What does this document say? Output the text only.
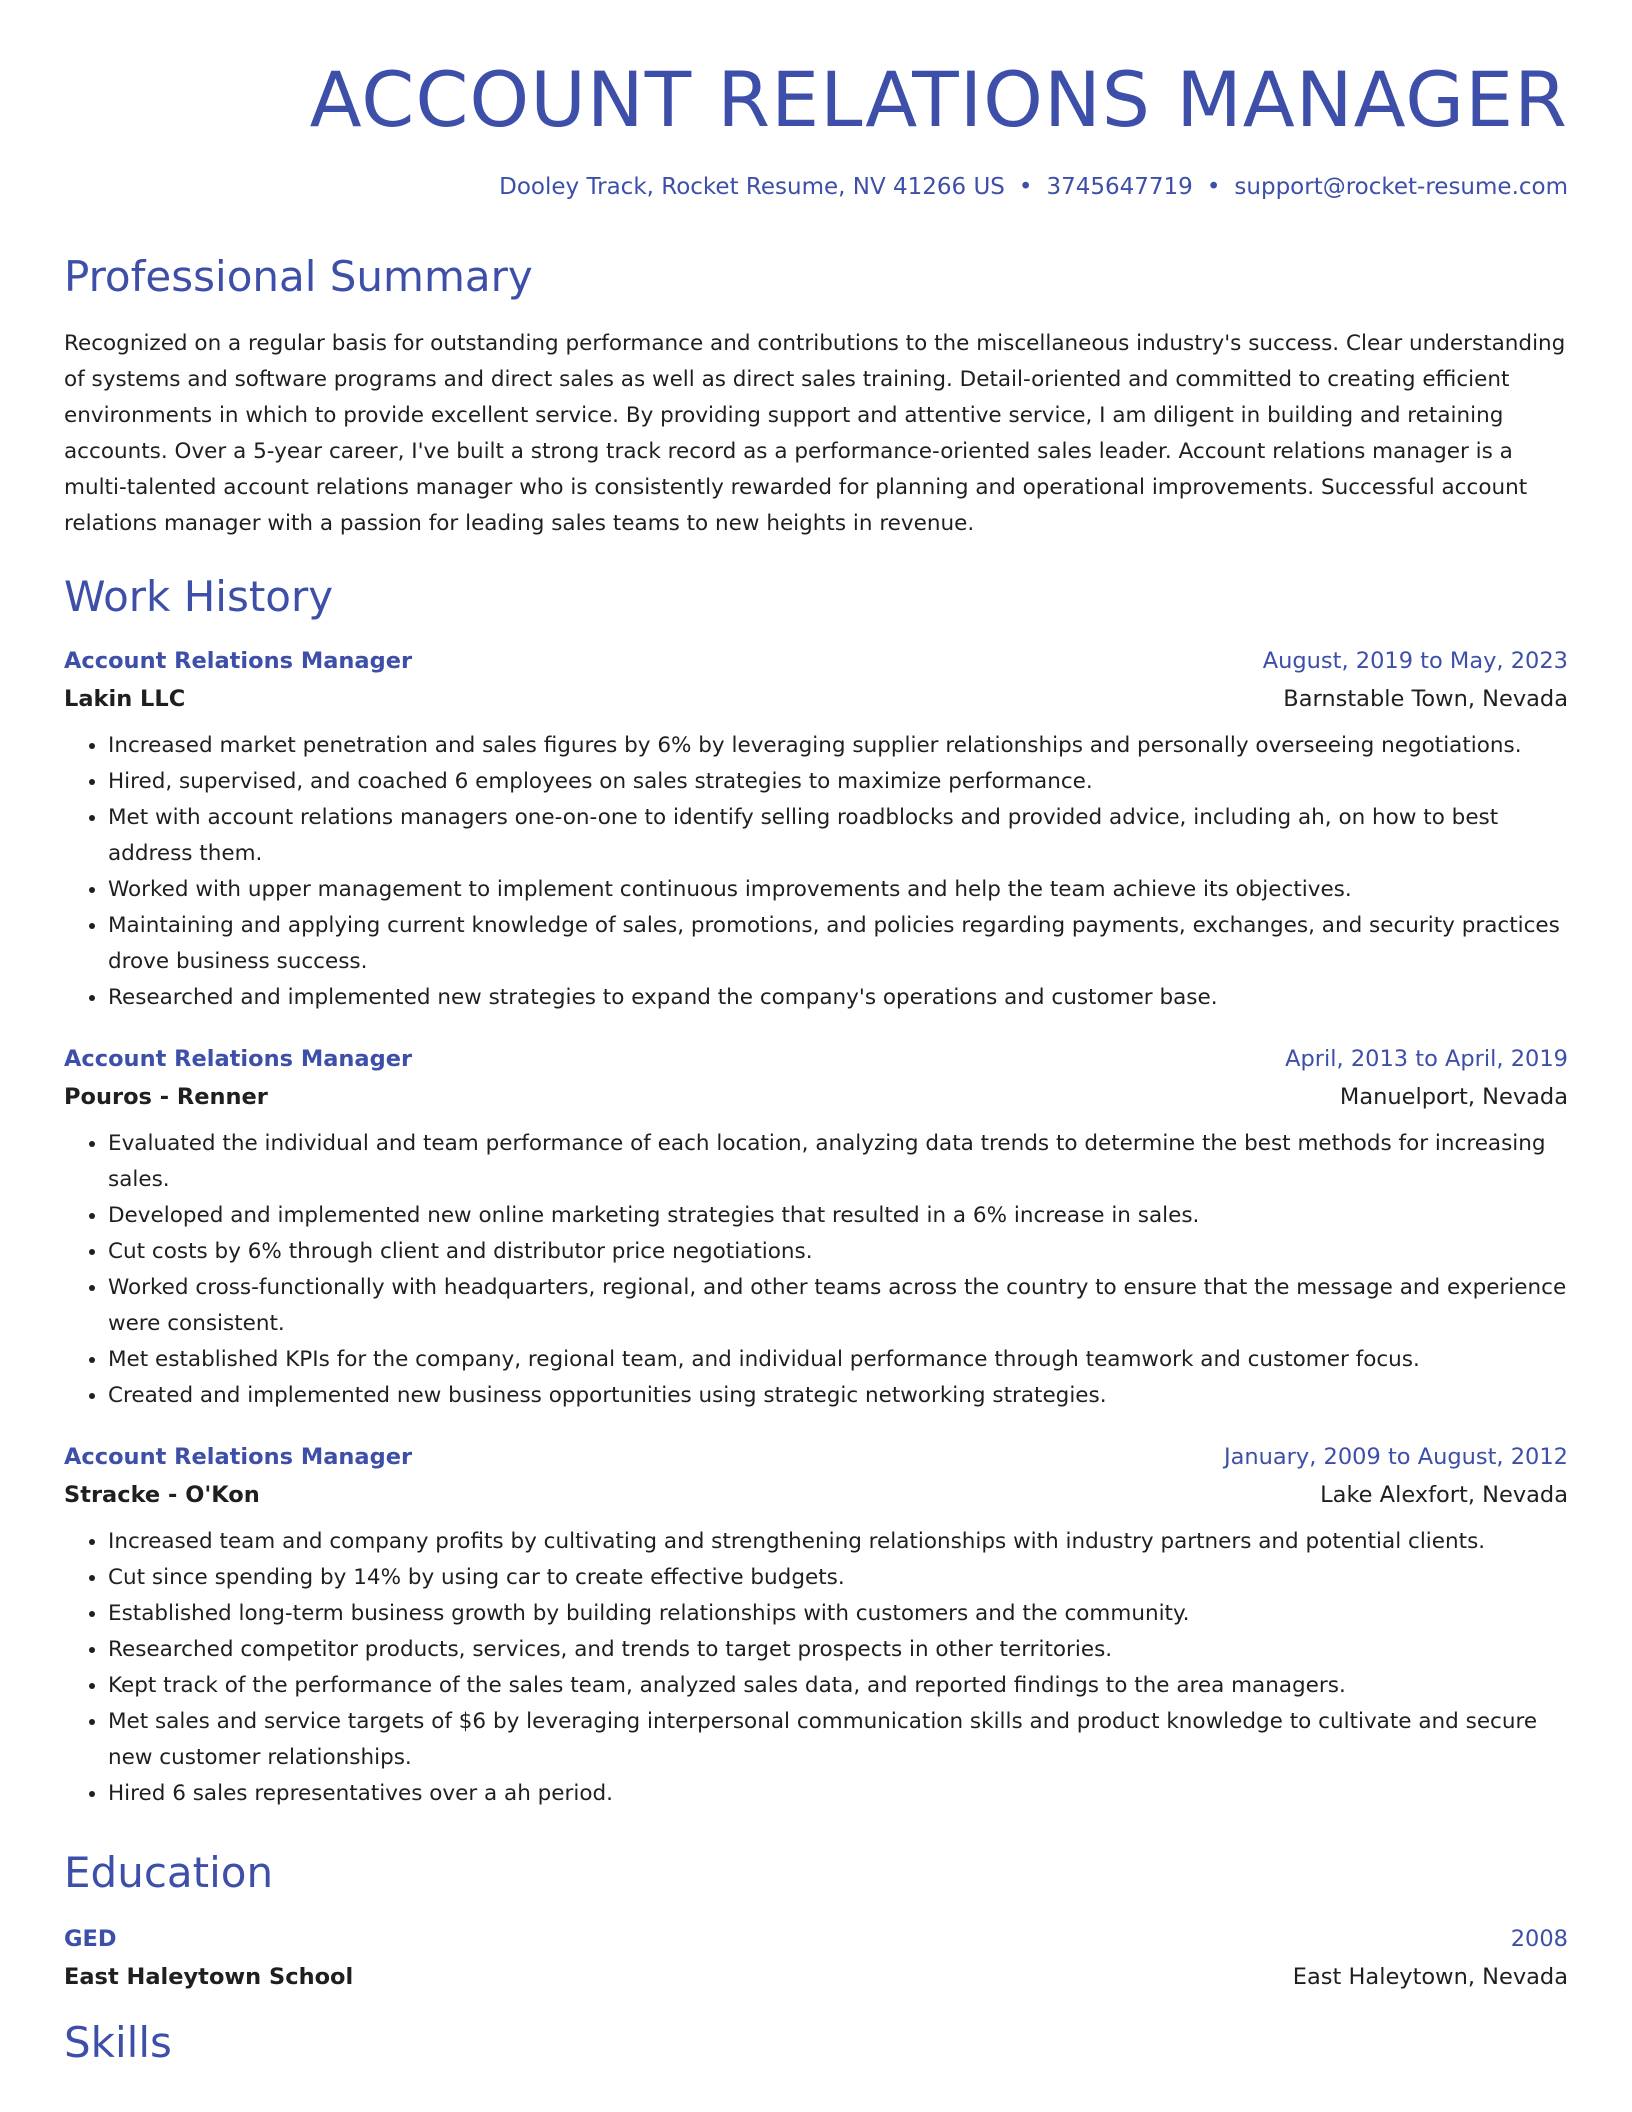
ACCOUNT RELATIONS MANAGER
Dooley Track, Rocket Resume, NV 41266 US • 3745647719 • support@rocket-resume.com
Professional Summary
Recognized on a regular basis for outstanding performance and contributions to the miscellaneous industry's success. Clear understanding of systems and software programs and direct sales as well as direct sales training. Detail-oriented and committed to creating efficient environments in which to provide excellent service. By providing support and attentive service, I am diligent in building and retaining accounts. Over a 5-year career, I've built a strong track record as a performance-oriented sales leader. Account relations manager is a multi-talented account relations manager who is consistently rewarded for planning and operational improvements. Successful account relations manager with a passion for leading sales teams to new heights in revenue.
Work History
Account Relations Manager	August, 2019 to May, 2023
Lakin LLC	Barnstable Town, Nevada
• Increased market penetration and sales figures by 6% by leveraging supplier relationships and personally overseeing negotiations.
• Hired, supervised, and coached 6 employees on sales strategies to maximize performance.
• Met with account relations managers one-on-one to identify selling roadblocks and provided advice, including ah, on how to best address them.
• Worked with upper management to implement continuous improvements and help the team achieve its objectives.
• Maintaining and applying current knowledge of sales, promotions, and policies regarding payments, exchanges, and security practices drove business success.
• Researched and implemented new strategies to expand the company's operations and customer base.
Account Relations Manager	April, 2013 to April, 2019
Pouros - Renner	Manuelport, Nevada
• Evaluated the individual and team performance of each location, analyzing data trends to determine the best methods for increasing sales.
• Developed and implemented new online marketing strategies that resulted in a 6% increase in sales.
• Cut costs by 6% through client and distributor price negotiations.
• Worked cross-functionally with headquarters, regional, and other teams across the country to ensure that the message and experience were consistent.
• Met established KPIs for the company, regional team, and individual performance through teamwork and customer focus.
• Created and implemented new business opportunities using strategic networking strategies.
Account Relations Manager	January, 2009 to August, 2012
Stracke - O'Kon	Lake Alexfort, Nevada
• Increased team and company profits by cultivating and strengthening relationships with industry partners and potential clients.
• Cut since spending by 14% by using car to create effective budgets.
• Established long-term business growth by building relationships with customers and the community.
• Researched competitor products, services, and trends to target prospects in other territories.
• Kept track of the performance of the sales team, analyzed sales data, and reported findings to the area managers.
• Met sales and service targets of $6 by leveraging interpersonal communication skills and product knowledge to cultivate and secure new customer relationships.
• Hired 6 sales representatives over a ah period.
Education
GED	2008
East Haleytown School	East Haleytown, Nevada
Skills
